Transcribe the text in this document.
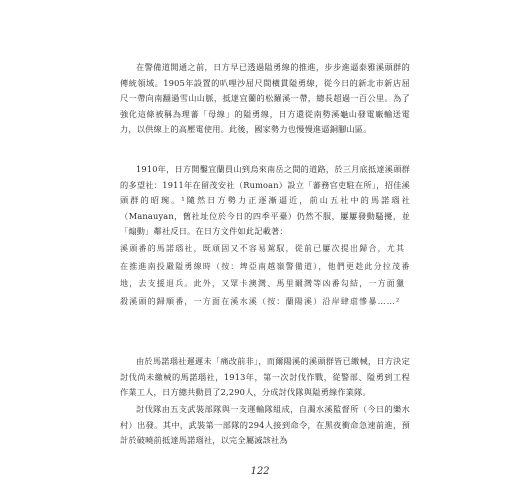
在警備道開通之前，日方早已透過隘勇線的推進，步步進逼泰雅溪頭群的傳統領域。1905年設置的叭哩沙屈尺間橫貫隘勇線，從今日的新北市新店屈尺一帶向南翻過雪山山脈，抵達宜蘭的松羅溪一帶，總長超過一百公里。為了強化這條被稱為理蕃「母線」的隘勇線，日方還從南勢溪龜山發電廠輸送電力，以供線上的高壓電使用。此後，國家勢力也慢慢進逼銅腳山區。

1910年，日方開鑿宜蘭員山到烏來南岳之間的道路，於三月底抵達溪頭群的多望社：1911年在留茂安社（Rumoan）設立「蕃務官吏駐在所」，招佳溪頭群的昭琬。¹隨然日方勢力正逐漸逼近，前山五社中的馬諾瑙社（Manauyan，舊社址位於今日的四季平臺）仍然不服，屢屢發動騷擾，並「煽動」鄰社反日。在日方文件如此記載著：

溪頭番的馬諾瑙社，既頑固又不容易駕馭，從前已屢次提出歸合，尤其在推進南投嚴隘勇線時（按：埤亞南越嶺警備道），他們更趁此分拉茂番地，去支援退兵。此外，又眾卡澳灣、馬里爾灣等凶番勾結，一方面獵殺溪頭的歸順番，一方面在溪水溪（按：蘭陽溪）沿岸肆虐慘暴……²

由於馬諾瑙社遲遲未「痛改前非」，而爾陽溪的溪頭群皆已繳械，日方決定討伐尚未繳械的馬諾瑙社，1913年，第一次討伐作戰，從警部、隘勇到工程作業工人，日方總共動員了2,290人，分成討伐隊與隘勇線作業隊。

討伐隊由五支武裝部隊與一支運輸隊組成，自濁水溪監督所（今日的樂水村）出發。其中，武裝第一部隊的294人接到命令，在黑夜衝命急速前進，預計於破曉前抵達馬諾瑙社，以完全屬滅該社為

122
